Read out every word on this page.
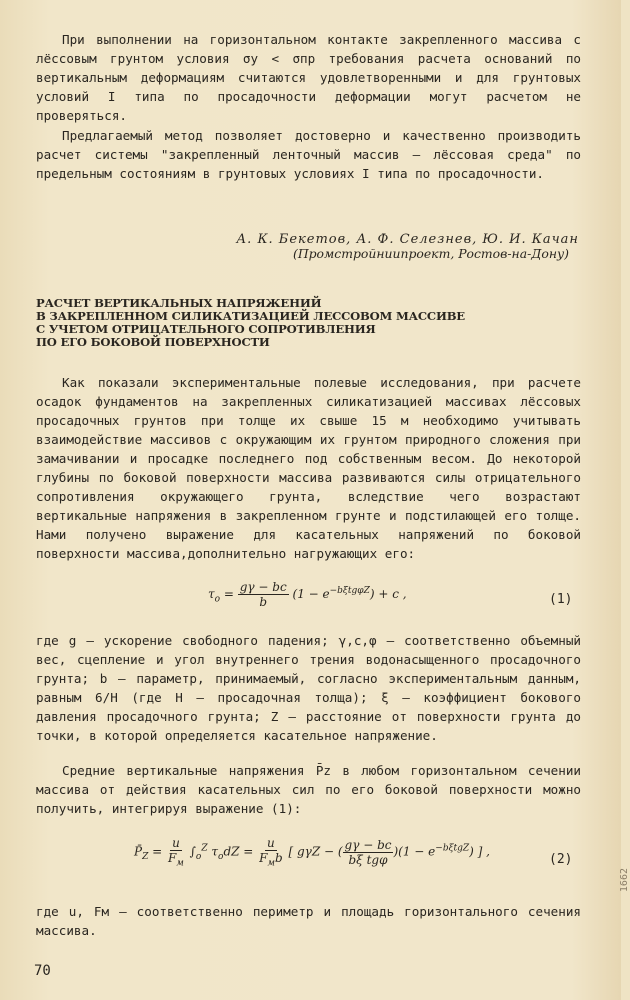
При выполнении на горизонтальном контакте закрепленного массива с лёссовым грунтом условия σy < σпр требования расчета оснований по вертикальным деформациям считаются удовлетворенными и для грунтовых условий I типа по просадочности деформации могут расчетом не проверяться.
Предлагаемый метод позволяет достоверно и качественно производить расчет системы "закрепленный ленточный массив – лёссовая среда" по предельным состояниям в грунтовых условиях I типа по просадочности.
А. К. Бекетов, А. Ф. Селезнев, Ю. И. Качан
(Промстройниипроект, Ростов-на-Дону)
РАСЧЕТ ВЕРТИКАЛЬНЫХ НАПРЯЖЕНИЙ
В ЗАКРЕПЛЕННОМ СИЛИКАТИЗАЦИЕЙ ЛЕССОВОМ МАССИВЕ
С УЧЕТОМ ОТРИЦАТЕЛЬНОГО СОПРОТИВЛЕНИЯ
ПО ЕГО БОКОВОЙ ПОВЕРХНОСТИ
Как показали экспериментальные полевые исследования, при расчете осадок фундаментов на закрепленных силикатизацией массивах лёссовых просадочных грунтов при толще их свыше 15 м необходимо учитывать взаимодействие массивов с окружающим их грунтом природного сложения при замачивании и просадке последнего под собственным весом. До некоторой глубины по боковой поверхности массива развиваются силы отрицательного сопротивления окружающего грунта, вследствие чего возрастают вертикальные напряжения в закрепленном грунте и подстилающей его толще. Нами получено выражение для касательных напряжений по боковой поверхности массива,дополнительно нагружающих его:
$\tau_o = \frac{g\gamma - bc}{b} (1 - e^{-b\xi tg\varphi Z}) + c$ ,	(1)
где g – ускорение свободного падения; γ,c,φ – соответственно объемный вес, сцепление и угол внутреннего трения водонасыщенного просадочного грунта; b – параметр, принимаемый, согласно экспериментальным данным, равным 6/H (где H – просадочная толща); ξ – коэффициент бокового давления просадочного грунта; Z – расстояние от поверхности грунта до точки, в которой определяется касательное напряжение.
Средние вертикальные напряжения P̄z в любом горизонтальном сечении массива от действия касательных сил по его боковой поверхности можно получить, интегрируя выражение (1):
$P̄_Z = \frac{u}{F_м} \int_o^Z$ $\tau_odZ = \frac{u}{F_мb}$ [ gγZ − ( $\frac{g\gamma - bc}{\text{bξ tgφ}} )(1 - e^{-b\xi tgZ})$ ] ,
(2)
где u, Fм – соответственно периметр и площадь горизонтального сечения массива.
70
1662
